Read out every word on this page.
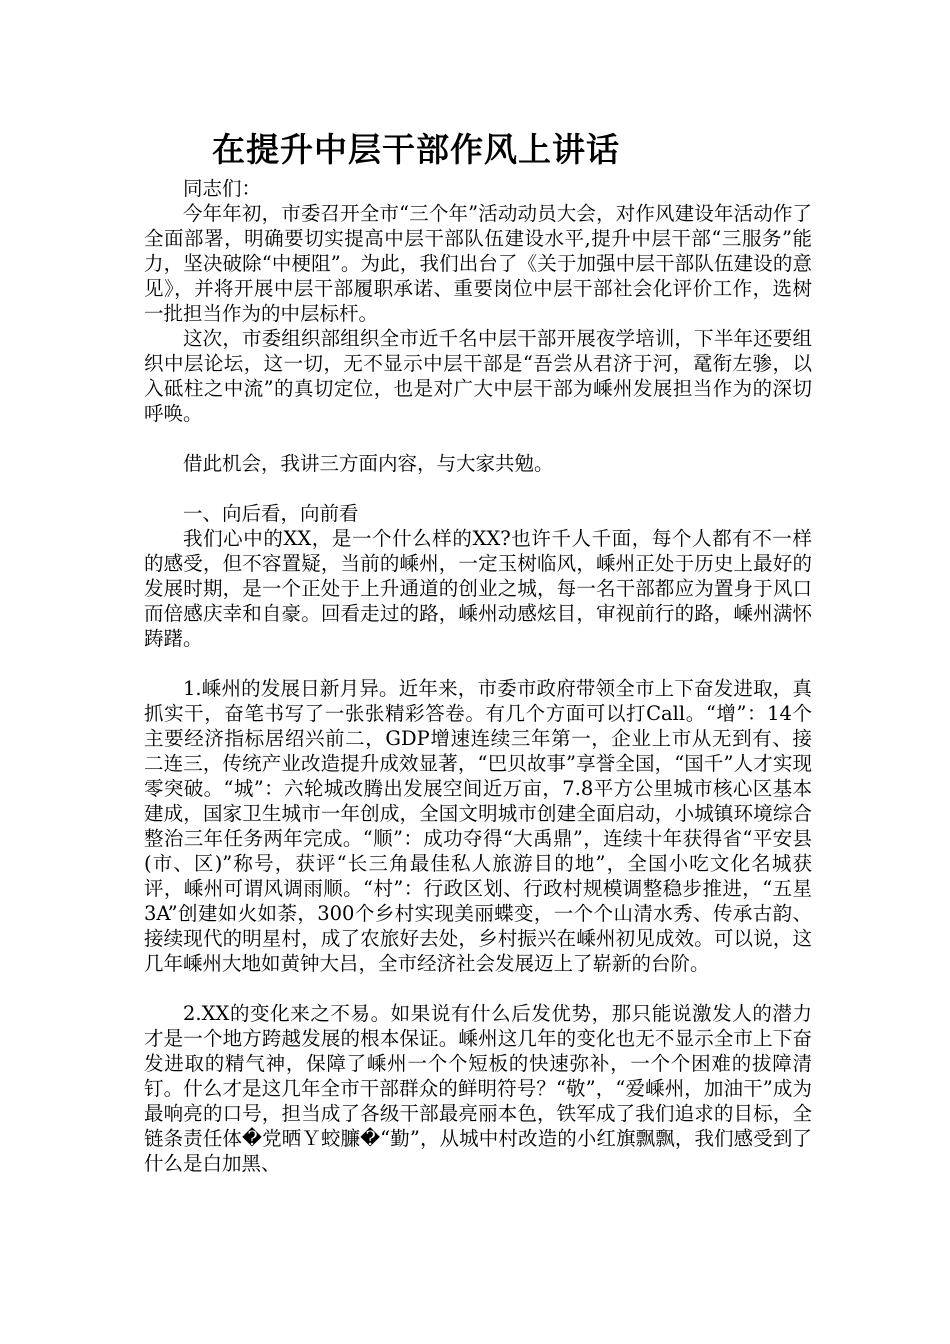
在提升中层干部作风上讲话

同志们：

今年年初，市委召开全市“三个年”活动动员大会，对作风建设年活动作了全面部署，明确要切实提高中层干部队伍建设水平,提升中层干部“三服务”能力，坚决破除“中梗阻”。为此，我们出台了《关于加强中层干部队伍建设的意见》，并将开展中层干部履职承诺、重要岗位中层干部社会化评价工作，选树一批担当作为的中层标杆。

这次，市委组织部组织全市近千名中层干部开展夜学培训，下半年还要组织中层论坛，这一切，无不显示中层干部是“吾尝从君济于河，鼋衔左骖，以入砥柱之中流”的真切定位，也是对广大中层干部为嵊州发展担当作为的深切呼唤。

借此机会，我讲三方面内容，与大家共勉。

一、向后看，向前看

我们心中的XX，是一个什么样的XX?也许千人千面，每个人都有不一样的感受，但不容置疑，当前的嵊州，一定玉树临风，嵊州正处于历史上最好的发展时期，是一个正处于上升通道的创业之城，每一名干部都应为置身于风口而倍感庆幸和自豪。回看走过的路，嵊州动感炫目，审视前行的路，嵊州满怀踌躇。

1.嵊州的发展日新月异。近年来，市委市政府带领全市上下奋发进取，真抓实干，奋笔书写了一张张精彩答卷。有几个方面可以打Call。“增”：14个主要经济指标居绍兴前二，GDP增速连续三年第一，企业上市从无到有、接二连三，传统产业改造提升成效显著，“巴贝故事”享誉全国，“国千”人才实现零突破。“城”：六轮城改腾出发展空间近万亩，7.8平方公里城市核心区基本建成，国家卫生城市一年创成，全国文明城市创建全面启动，小城镇环境综合整治三年任务两年完成。“顺”：成功夺得“大禹鼎”，连续十年获得省“平安县(市、区)”称号，获评“长三角最佳私人旅游目的地”，全国小吃文化名城获评，嵊州可谓风调雨顺。“村”：行政区划、行政村规模调整稳步推进，“五星3A”创建如火如荼，300个乡村实现美丽蝶变，一个个山清水秀、传承古韵、接续现代的明星村，成了农旅好去处，乡村振兴在嵊州初见成效。可以说，这几年嵊州大地如黄钟大吕，全市经济社会发展迈上了崭新的台阶。

2.XX的变化来之不易。如果说有什么后发优势，那只能说激发人的潜力才是一个地方跨越发展的根本保证。嵊州这几年的变化也无不显示全市上下奋发进取的精气神，保障了嵊州一个个短板的快速弥补，一个个困难的拔障清钉。什么才是这几年全市干部群众的鲜明符号？“敬”，“爱嵊州，加油干”成为最响亮的口号，担当成了各级干部最亮丽本色，铁军成了我们追求的目标，全链条责任体�党晒Ｙ蛟臁�“勤”，从城中村改造的小红旗飘飘，我们感受到了什么是白加黑、
